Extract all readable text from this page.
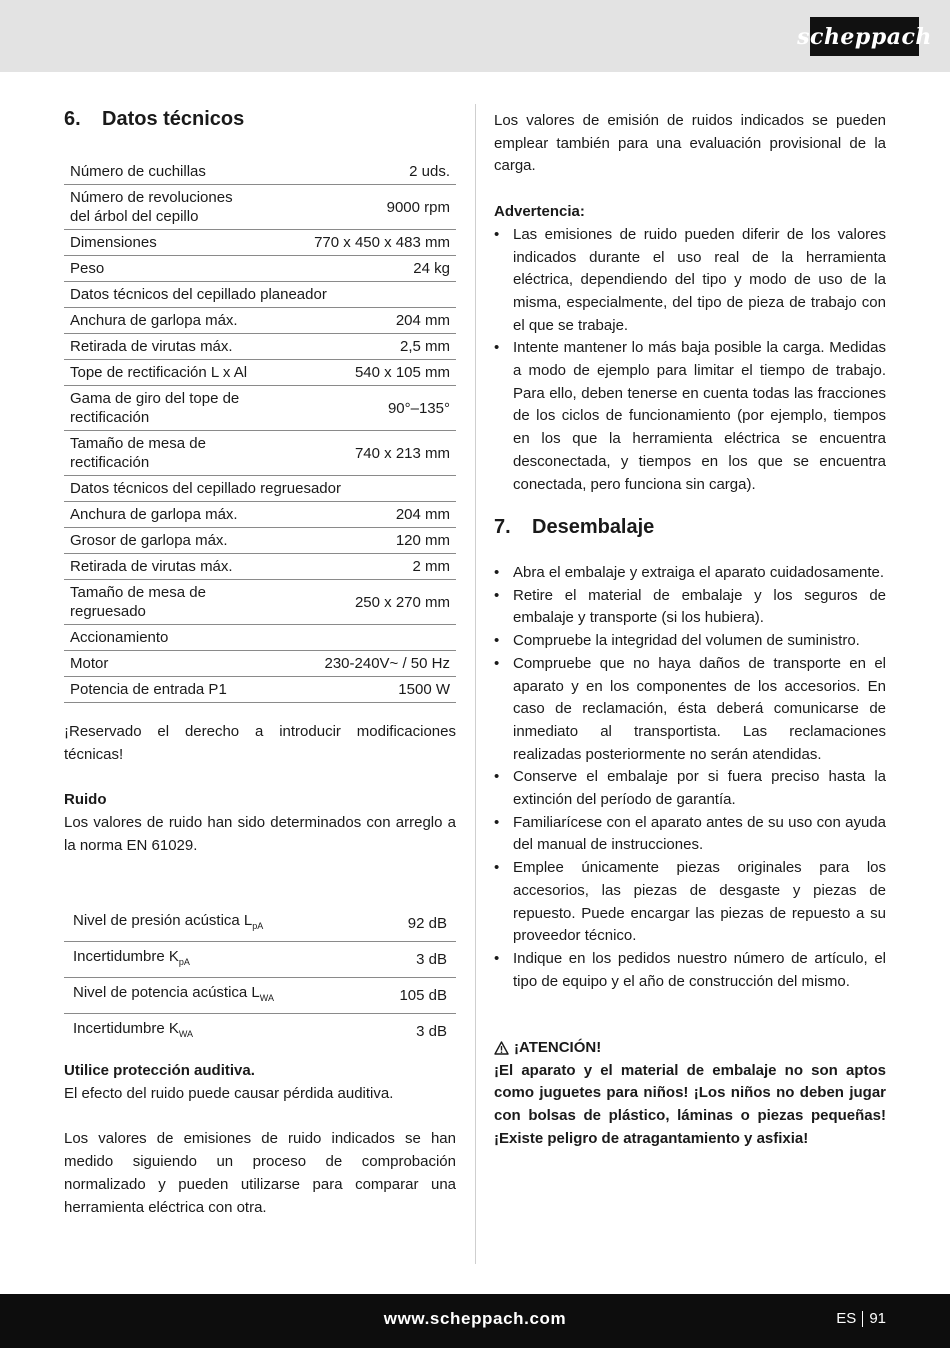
scheppach
6.	Datos técnicos
Número de cuchillas	2 uds.
Número de revoluciones del árbol del cepillo	9000 rpm
Dimensiones	770 x 450 x 483 mm
Peso	24 kg
Datos técnicos del cepillado planeador	
Anchura de garlopa máx.	204 mm
Retirada de virutas máx.	2,5 mm
Tope de rectificación L x Al	540 x 105 mm
Gama de giro del tope de rectificación	90°–135°
Tamaño de mesa de rectificación	740 x 213 mm
Datos técnicos del cepillado regruesador	
Anchura de garlopa máx.	204 mm
Grosor de garlopa máx.	120 mm
Retirada de virutas máx.	2 mm
Tamaño de mesa de regruesado	250 x 270 mm
Accionamiento	
Motor	230-240V~ / 50 Hz
Potencia de entrada P1	1500 W

¡Reservado el derecho a introducir modificaciones técnicas!

Ruido

Los valores de ruido han sido determinados con arreglo a la norma EN 61029.

Nivel de presión acústica $L_{pA}$	92 dB
Incertidumbre $K_{pA}$	3 dB
Nivel de potencia acústica $L_{WA}$	105 dB
Incertidumbre $K_{WA}$	3 dB
Utilice protección auditiva.

El efecto del ruido puede causar pérdida auditiva.

Los valores de emisiones de ruido indicados se han medido siguiendo un proceso de comprobación normalizado y pueden utilizarse para comparar una herramienta eléctrica con otra.

Los valores de emisión de ruidos indicados se pueden emplear también para una evaluación provisional de la carga.

Advertencia:
• Las emisiones de ruido pueden diferir de los valores indicados durante el uso real de la herramienta eléctrica, dependiendo del tipo y modo de uso de la misma, especialmente, del tipo de pieza de trabajo con el que se trabaje.
• Intente mantener lo más baja posible la carga. Medidas a modo de ejemplo para limitar el tiempo de trabajo. Para ello, deben tenerse en cuenta todas las fracciones de los ciclos de funcionamiento (por ejemplo, tiempos en los que la herramienta eléctrica se encuentra desconectada, y tiempos en los que se encuentra conectada, pero funciona sin carga).
7.	Desembalaje
• Abra el embalaje y extraiga el aparato cuidadosamente.
• Retire el material de embalaje y los seguros de embalaje y transporte (si los hubiera).
• Compruebe la integridad del volumen de suministro.
• Compruebe que no haya daños de transporte en el aparato y en los componentes de los accesorios. En caso de reclamación, ésta deberá comunicarse de inmediato al transportista. Las reclamaciones realizadas posteriormente no serán atendidas.
• Conserve el embalaje por si fuera preciso hasta la extinción del período de garantía.
• Familiarícese con el aparato antes de su uso con ayuda del manual de instrucciones.
• Emplee únicamente piezas originales para los accesorios, las piezas de desgaste y piezas de repuesto. Puede encargar las piezas de repuesto a su proveedor técnico.
• Indique en los pedidos nuestro número de artículo, el tipo de equipo y el año de construcción del mismo.
¡ATENCIÓN!

¡El aparato y el material de embalaje no son aptos como juguetes para niños! ¡Los niños no deben jugar con bolsas de plástico, láminas o piezas pequeñas! ¡Existe peligro de atragantamiento y asfixia!

www.scheppach.com	ES 91
